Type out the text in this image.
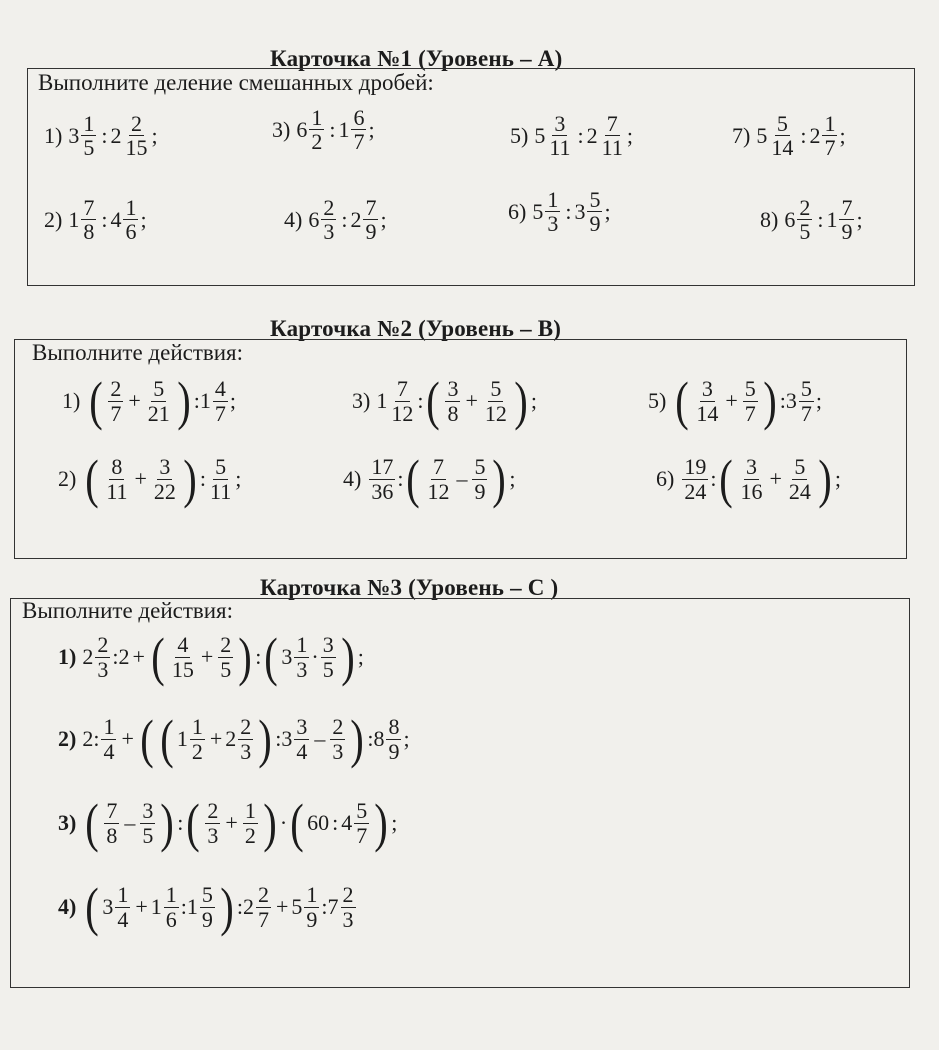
Карточка №1 (Уровень – А)
Выполните деление смешанных дробей:
1) $3 \frac{1}{5}$ : $2 \frac{2}{15}$ ;
2) $1 \frac{7}{8}$ : $4 \frac{1}{6}$ ;
3) $6 \frac{1}{2}$ : $1 \frac{6}{7}$ ;
4) $6 \frac{2}{3}$ : $2 \frac{7}{9}$ ;
5) $5 \frac{3}{11}$ : $2 \frac{7}{11}$ ;
6) $5 \frac{1}{3}$ : $3 \frac{5}{9}$ ;
7) $5 \frac{5}{14}$ : $2 \frac{1}{7}$ ;
8) $6 \frac{2}{5}$ : $1 \frac{7}{9}$ ;
Карточка №2 (Уровень – В)
Выполните действия:
1) ( $\frac{2}{7} + \frac{5}{21}$ ) : $1 \frac{4}{7}$ ;
2) ( $\frac{8}{11} + \frac{3}{22}$ ) : $\frac{5}{11}$ ;
3) $1 \frac{7}{12}$ : ( $\frac{3}{8} + \frac{5}{12}$ ) ;
$4) \frac{17}{36}$ : ( $\frac{7}{12} - \frac{5}{9}$ ) ;
5) ( $\frac{3}{14} + \frac{5}{7}$ ) : $3 \frac{5}{7}$ ;
$6) \frac{19}{24}$ : ( $\frac{3}{16} + \frac{5}{24}$ ) ;
Карточка №3 (Уровень – С )
Выполните действия:
1) $2 \frac{2}{3}$ : 2 + ( $\frac{4}{15} + \frac{2}{5}$ ) : ( $3 \frac{1}{3} \cdot \frac{3}{5}$ ) ;
2) 2 : $\frac{1}{4}$ + ( ( $1 \frac{1}{2} + 2 \frac{2}{3}$ ) : $3 \frac{3}{4} - \frac{2}{3}$ ) : $8 \frac{8}{9}$ ;
3) ( $\frac{7}{8} - \frac{3}{5}$ ) : ( $\frac{2}{3} + \frac{1}{2}$ ) · ( 60 : $4 \frac{5}{7}$ ) ;
4) ( $3 \frac{1}{4} + 1 \frac{1}{6}$ : $1 \frac{5}{9}$ ) : $2 \frac{2}{7} + 5 \frac{1}{9}$ : $7 \frac{2}{3}$
